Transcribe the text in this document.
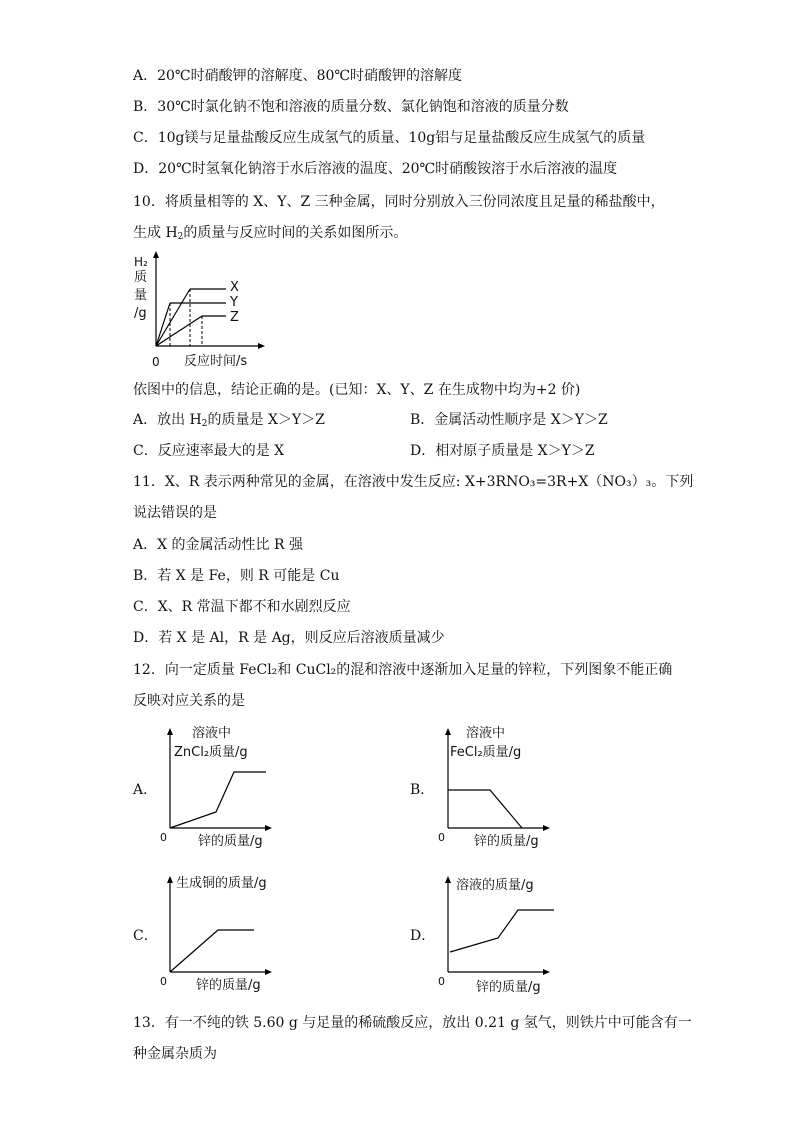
A．20℃时硝酸钾的溶解度、80℃时硝酸钾的溶解度
B．30℃时氯化钠不饱和溶液的质量分数、氯化钠饱和溶液的质量分数
C．10g镁与足量盐酸反应生成氢气的质量、10g铝与足量盐酸反应生成氢气的质量
D．20℃时氢氧化钠溶于水后溶液的温度、20℃时硝酸铵溶于水后溶液的温度
10．将质量相等的 X、Y、Z 三种金属，同时分别放入三份同浓度且足量的稀盐酸中，
生成 $H_2$的质量与反应时间的关系如图所示。
H₂
质
量
/g
X
Y
Z
0 反应时间/s
依图中的信息，结论正确的是。(已知：X、Y、Z 在生成物中均为+2 价)
A．放出 $H_2$的质量是 X＞Y＞Z	B．金属活动性顺序是 X＞Y＞Z
C．反应速率最大的是 X	D．相对原子质量是 X＞Y＞Z
11．X、R 表示两种常见的金属，在溶液中发生反应: X+3RNO₃=3R+X（NO₃）₃。下列
说法错误的是
A．X 的金属活动性比 R 强
B．若 X 是 Fe，则 R 可能是 Cu
C．X、R 常温下都不和水剧烈反应
D．若 X 是 Al，R 是 Ag，则反应后溶液质量减少
12．向一定质量 FeCl₂和 CuCl₂的混和溶液中逐渐加入足量的锌粒，下列图象不能正确
反映对应关系的是
A．
溶液中
ZnCl₂质量/g
0 锌的质量/g
B．
溶液中
FeCl₂质量/g
0 锌的质量/g
C．
生成铜的质量/g
0 锌的质量/g
D．
溶液的质量/g
0 锌的质量/g
13．有一不纯的铁 5.60 g 与足量的稀硫酸反应，放出 0.21 g 氢气，则铁片中可能含有一
种金属杂质为
